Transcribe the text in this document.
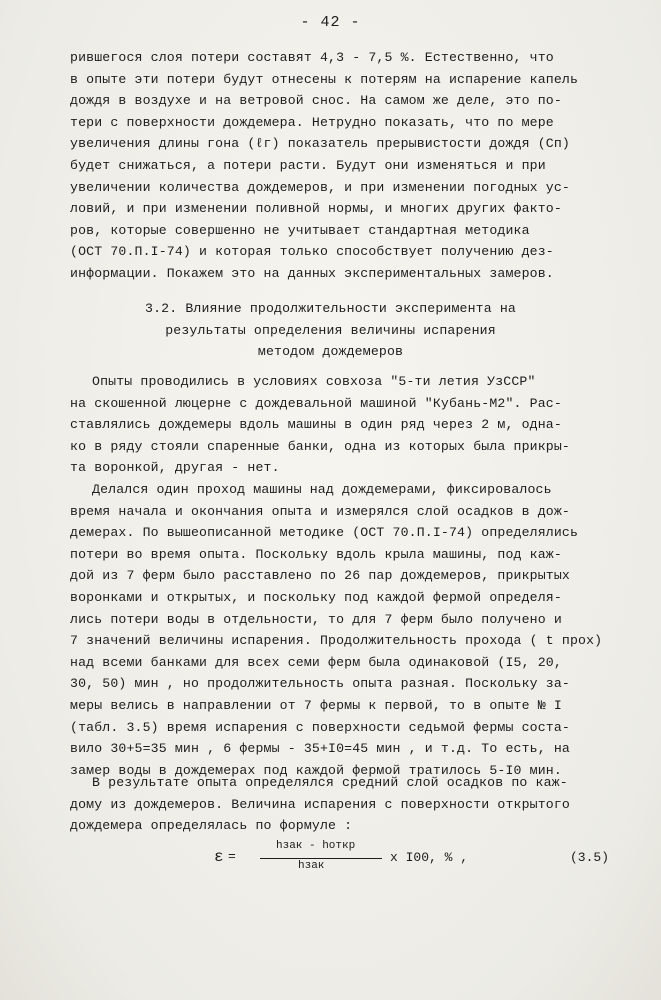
- 42 -
рившегося слоя потери составят 4,3 - 7,5 %. Естественно, что
в опыте эти потери будут отнесены к потерям на испарение капель
дождя в воздухе и на ветровой снос. На самом же деле, это по-
тери с поверхности дождемера. Нетрудно показать, что по мере
увеличения длины гона (ℓг) показатель прерывистости дождя (Сп)
будет снижаться, а потери расти. Будут они изменяться и при
увеличении количества дождемеров, и при изменении погодных ус-
ловий, и при изменении поливной нормы, и многих других факто-
ров, которые совершенно не учитывает стандартная методика
(ОСТ 70.П.I-74) и которая только способствует получению дез-
информации. Покажем это на данных экспериментальных замеров.
3.2. Влияние продолжительности эксперимента на
результаты определения величины испарения
методом дождемеров
Опыты проводились в условиях совхоза "5-ти летия УзССР"
на скошенной люцерне с дождевальной машиной "Кубань-М2". Рас-
ставлялись дождемеры вдоль машины в один ряд через 2 м, одна-
ко в ряду стояли спаренные банки, одна из которых была прикры-
та воронкой, другая - нет.
Делался один проход машины над дождемерами, фиксировалось
время начала и окончания опыта и измерялся слой осадков в дож-
демерах. По вышеописанной методике (ОСТ 70.П.I-74) определялись
потери во время опыта. Поскольку вдоль крыла машины, под каж-
дой из 7 ферм было расставлено по 26 пар дождемеров, прикрытых
воронками и открытых, и поскольку под каждой фермой определя-
лись потери воды в отдельности, то для 7 ферм было получено и
7 значений величины испарения. Продолжительность прохода ( t прох)
над всеми банками для всех семи ферм была одинаковой (I5, 20,
30, 50) мин , но продолжительность опыта разная. Поскольку за-
меры велись в направлении от 7 фермы к первой, то в опыте № I
(табл. 3.5) время испарения с поверхности седьмой фермы соста-
вило 30+5=35 мин , 6 фермы - 35+I0=45 мин , и т.д. То есть, на
замер воды в дождемерах под каждой фермой тратилось 5-I0 мин.
В результате опыта определялся средний слой осадков по каж-
дому из дождемеров. Величина испарения с поверхности открытого
дождемера определялась по формуле :
ε =
hзак - hоткр
hзак
x I00, % ,	(3.5)
